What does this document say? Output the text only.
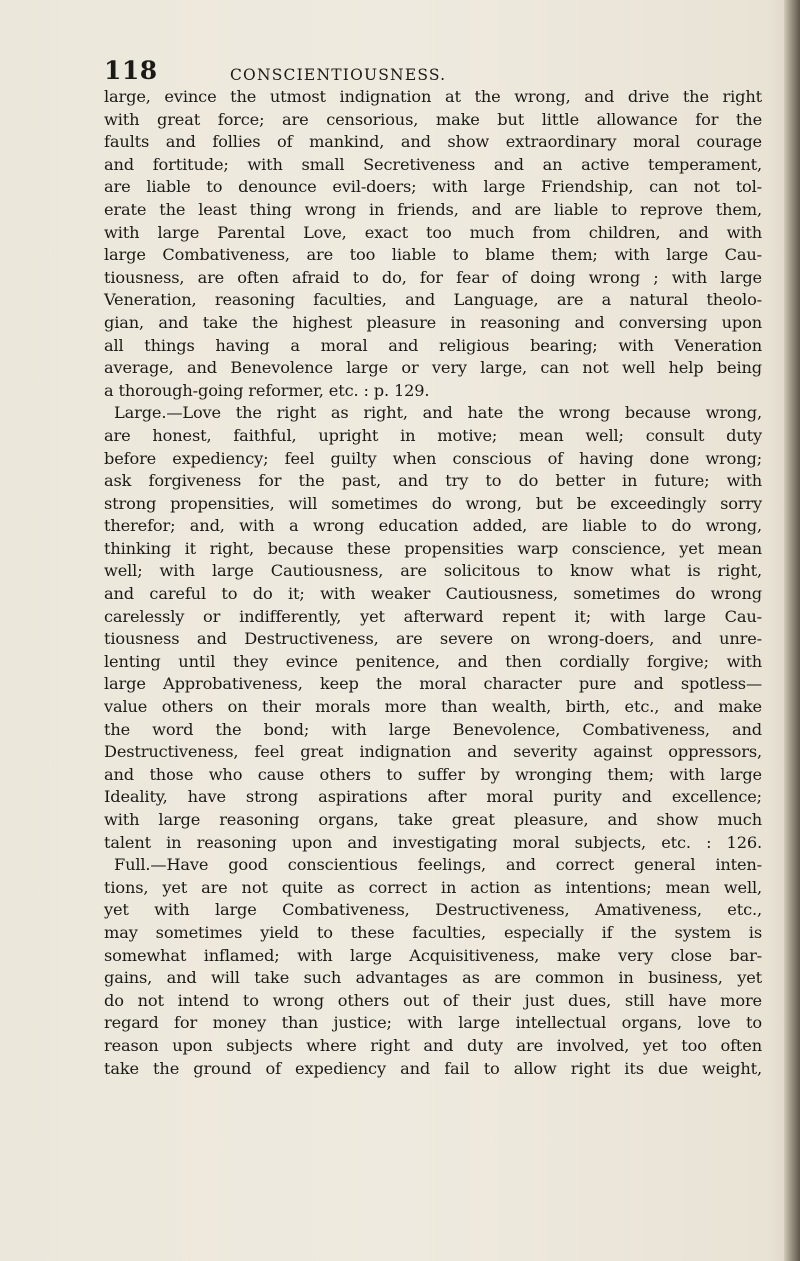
118	CONSCIENTIOUSNESS.
large, evince the utmost indignation at the wrong, and drive the right
with great force; are censorious, make but little allowance for the
faults and follies of mankind, and show extraordinary moral courage
and fortitude; with small Secretiveness and an active temperament,
are liable to denounce evil-doers; with large Friendship, can not tol-
erate the least thing wrong in friends, and are liable to reprove them,
with large Parental Love, exact too much from children, and with
large Combativeness, are too liable to blame them; with large Cau-
tiousness, are often afraid to do, for fear of doing wrong ; with large
Veneration, reasoning faculties, and Language, are a natural theolo-
gian, and take the highest pleasure in reasoning and conversing upon
all things having a moral and religious bearing; with Veneration
average, and Benevolence large or very large, can not well help being
a thorough-going reformer, etc. : p. 129.
Large.—Love the right as right, and hate the wrong because wrong,
are honest, faithful, upright in motive; mean well; consult duty
before expediency; feel guilty when conscious of having done wrong;
ask forgiveness for the past, and try to do better in future; with
strong propensities, will sometimes do wrong, but be exceedingly sorry
therefor; and, with a wrong education added, are liable to do wrong,
thinking it right, because these propensities warp conscience, yet mean
well; with large Cautiousness, are solicitous to know what is right,
and careful to do it; with weaker Cautiousness, sometimes do wrong
carelessly or indifferently, yet afterward repent it; with large Cau-
tiousness and Destructiveness, are severe on wrong-doers, and unre-
lenting until they evince penitence, and then cordially forgive; with
large Approbativeness, keep the moral character pure and spotless—
value others on their morals more than wealth, birth, etc., and make
the word the bond; with large Benevolence, Combativeness, and
Destructiveness, feel great indignation and severity against oppressors,
and those who cause others to suffer by wronging them; with large
Ideality, have strong aspirations after moral purity and excellence;
with large reasoning organs, take great pleasure, and show much
talent in reasoning upon and investigating moral subjects, etc. : 126.
Full.—Have good conscientious feelings, and correct general inten-
tions, yet are not quite as correct in action as intentions; mean well,
yet with large Combativeness, Destructiveness, Amativeness, etc.,
may sometimes yield to these faculties, especially if the system is
somewhat inflamed; with large Acquisitiveness, make very close bar-
gains, and will take such advantages as are common in business, yet
do not intend to wrong others out of their just dues, still have more
regard for money than justice; with large intellectual organs, love to
reason upon subjects where right and duty are involved, yet too often
take the ground of expediency and fail to allow right its due weight,
